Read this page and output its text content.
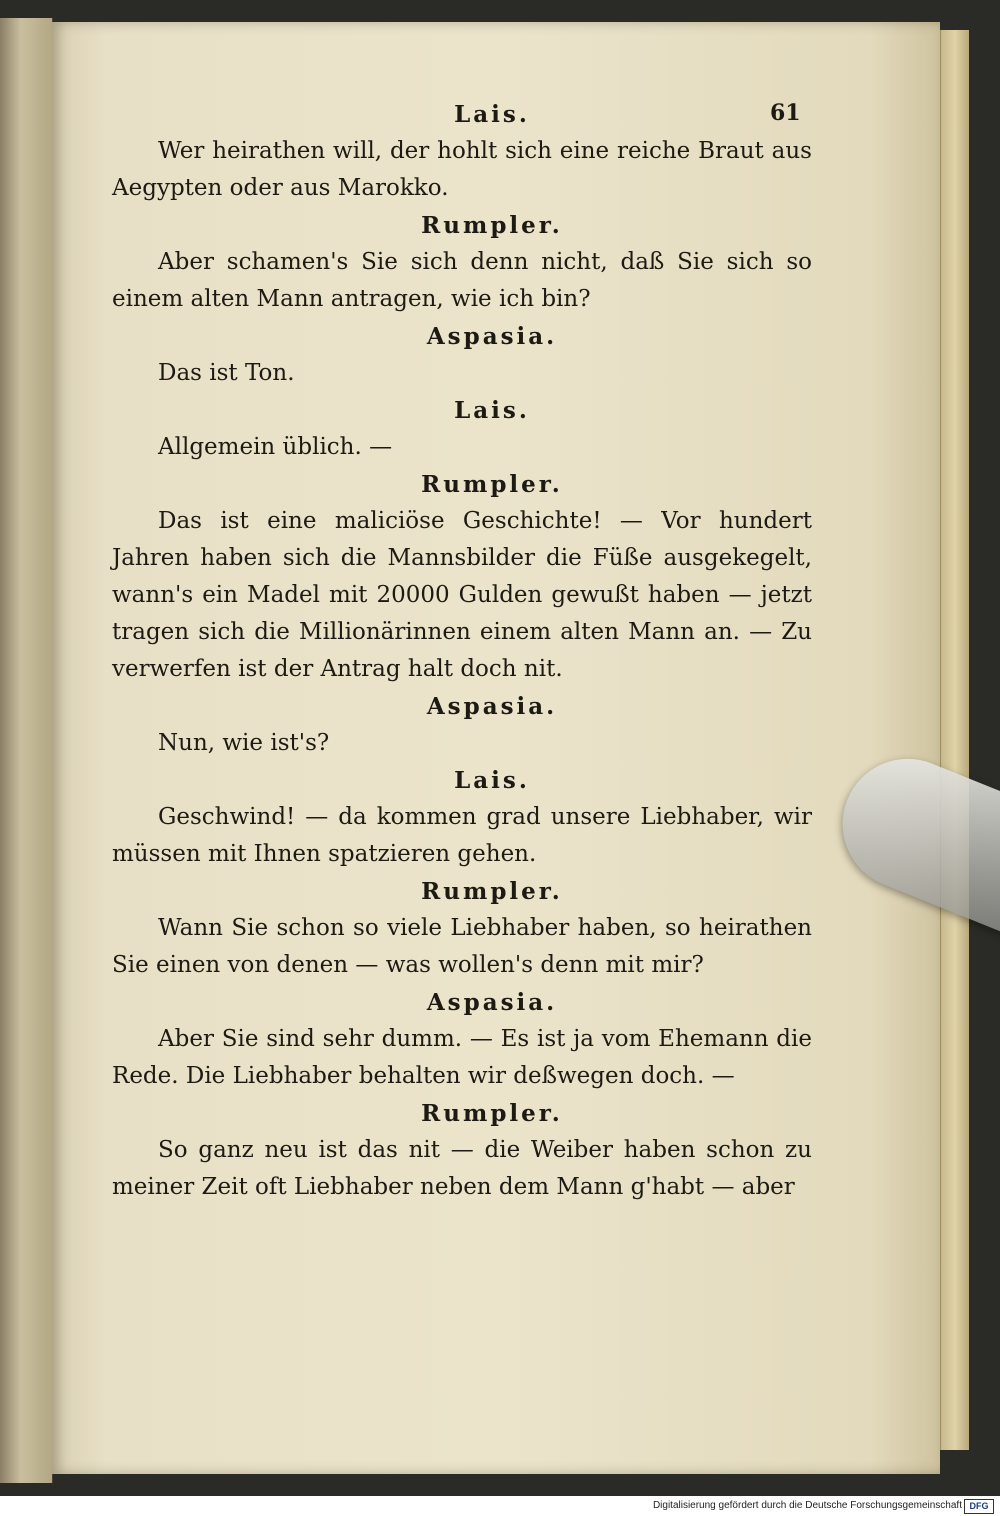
61
Lais.

Wer heirathen will, der hohlt sich eine reiche Braut aus Aegypten oder aus Marokko.

Rumpler.

Aber schamen's Sie sich denn nicht, daß Sie sich so einem alten Mann antragen, wie ich bin?

Aspasia.

Das ist Ton.

Lais.

Allgemein üblich. —

Rumpler.

Das ist eine maliciöse Geschichte! — Vor hundert Jahren haben sich die Mannsbilder die Füße ausgekegelt, wann's ein Madel mit 20000 Gulden gewußt haben — jetzt tragen sich die Millionärinnen einem alten Mann an. — Zu verwerfen ist der Antrag halt doch nit.

Aspasia.

Nun, wie ist's?

Lais.

Geschwind! — da kommen grad unsere Liebhaber, wir müssen mit Ihnen spatzieren gehen.

Rumpler.

Wann Sie schon so viele Liebhaber haben, so heirathen Sie einen von denen — was wollen's denn mit mir?

Aspasia.

Aber Sie sind sehr dumm. — Es ist ja vom Ehemann die Rede. Die Liebhaber behalten wir deßwegen doch. —

Rumpler.

So ganz neu ist das nit — die Weiber haben schon zu meiner Zeit oft Liebhaber neben dem Mann g'habt — aber

Digitalisierung gefördert durch die Deutsche Forschungsgemeinschaft DFG
